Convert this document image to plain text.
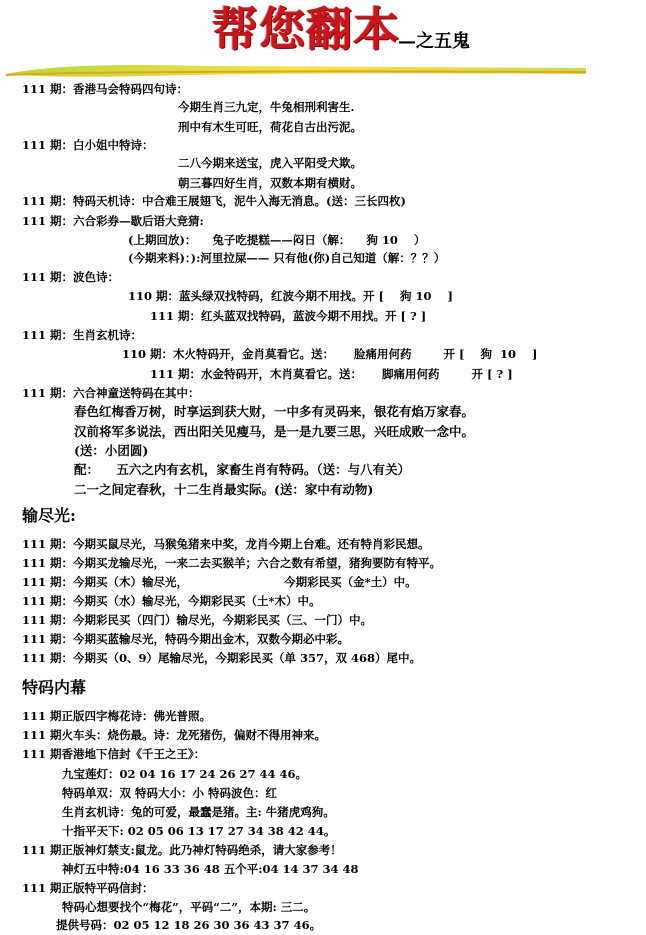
帮您翻本
—之五鬼
111 期：香港马会特码四句诗：
今期生肖三九定，牛兔相刑利害生.
刑中有木生可旺，荷花自古出污泥。
111 期：白小姐中特诗：
二八今期来送宝，虎入平阳受犬欺。
朝三暮四好生肖，双数本期有横财。
111 期：特码天机诗：中合难王展翅飞，泥牛入海无消息。(送：三长四枚)
111 期：六合彩券—歇后语大竞猜:
(上期回放)：    兔子吃提糕——闷日（解：    狗 10    ）
(今期来料)：):河里拉屎—— 只有他(你)自己知道（解：？？）
111 期：波色诗：
110 期：蓝头绿双找特码，红波今期不用找。开 [    狗 10    ]
111 期：红头蓝双找特码，蓝波今期不用找。开 [ ? ]
111 期：生肖玄机诗：
110 期：木火特码开，金肖莫看它。送：     脸痛用何药        开 [    狗  10    ]
111 期：水金特码开，木肖莫看它。送：     脚痛用何药        开 [ ? ]
111 期：六合神童送特码在其中：
春色红梅香万树，时享运到获大财，一中多有灵码来，银花有焰万家春。
汉前将军多说法，西出阳关见瘦马，是一是九要三思，兴旺成败一念中。
(送：小团圆)
配：    五六之内有玄机，家畜生肖有特码。（送：与八有关）
二一之间定春秋，十二生肖最实际。(送：家中有动物)
输尽光:
111 期：今期买鼠尽光，马猴兔猪来中奖，龙肖今期上台难。还有特肖彩民想。
111 期：今期买龙输尽光，一来二去买猴羊；六合之数有希望，猪狗要防有特平。
111 期：今期买（木）输尽光，                        今期彩民买（金*土）中。
111 期：今期买（水）输尽光，今期彩民买（土*木）中。
111 期：今期彩民买（四门）输尽光，今期彩民买（三、一门）中。
111 期：今期买蓝输尽光，特码今期出金木，双数今期必中彩。
111 期：今期买（0、9）尾输尽光，今期彩民买（单 357，双 468）尾中。
特码内幕
111 期正版四字梅花诗：佛光普照。
111 期火车头：烧伤最。诗：龙死猪伤，偏财不得用神来。
111 期香港地下信封《千王之王》：
九宝莲灯：02 04 16 17 24 26 27 44 46。
特码单双：双 特码大小：小 特码波色：红
生肖玄机诗：兔的可爱，最蠢是猪。主: 牛猪虎鸡狗。
十指平天下: 02 05 06 13 17 27 34 38 42 44。
111 期正版神灯禁支:鼠龙。此乃神灯特码绝杀，请大家参考！
神灯五中特:04 16 33 36 48 五个平:04 14 37 34 48
111 期正版特平码信封：
特码心想要找个“梅花”，平码“二”，本期: 三二。
提供号码：02 05 12 18 26 30 36 43 37 46。
